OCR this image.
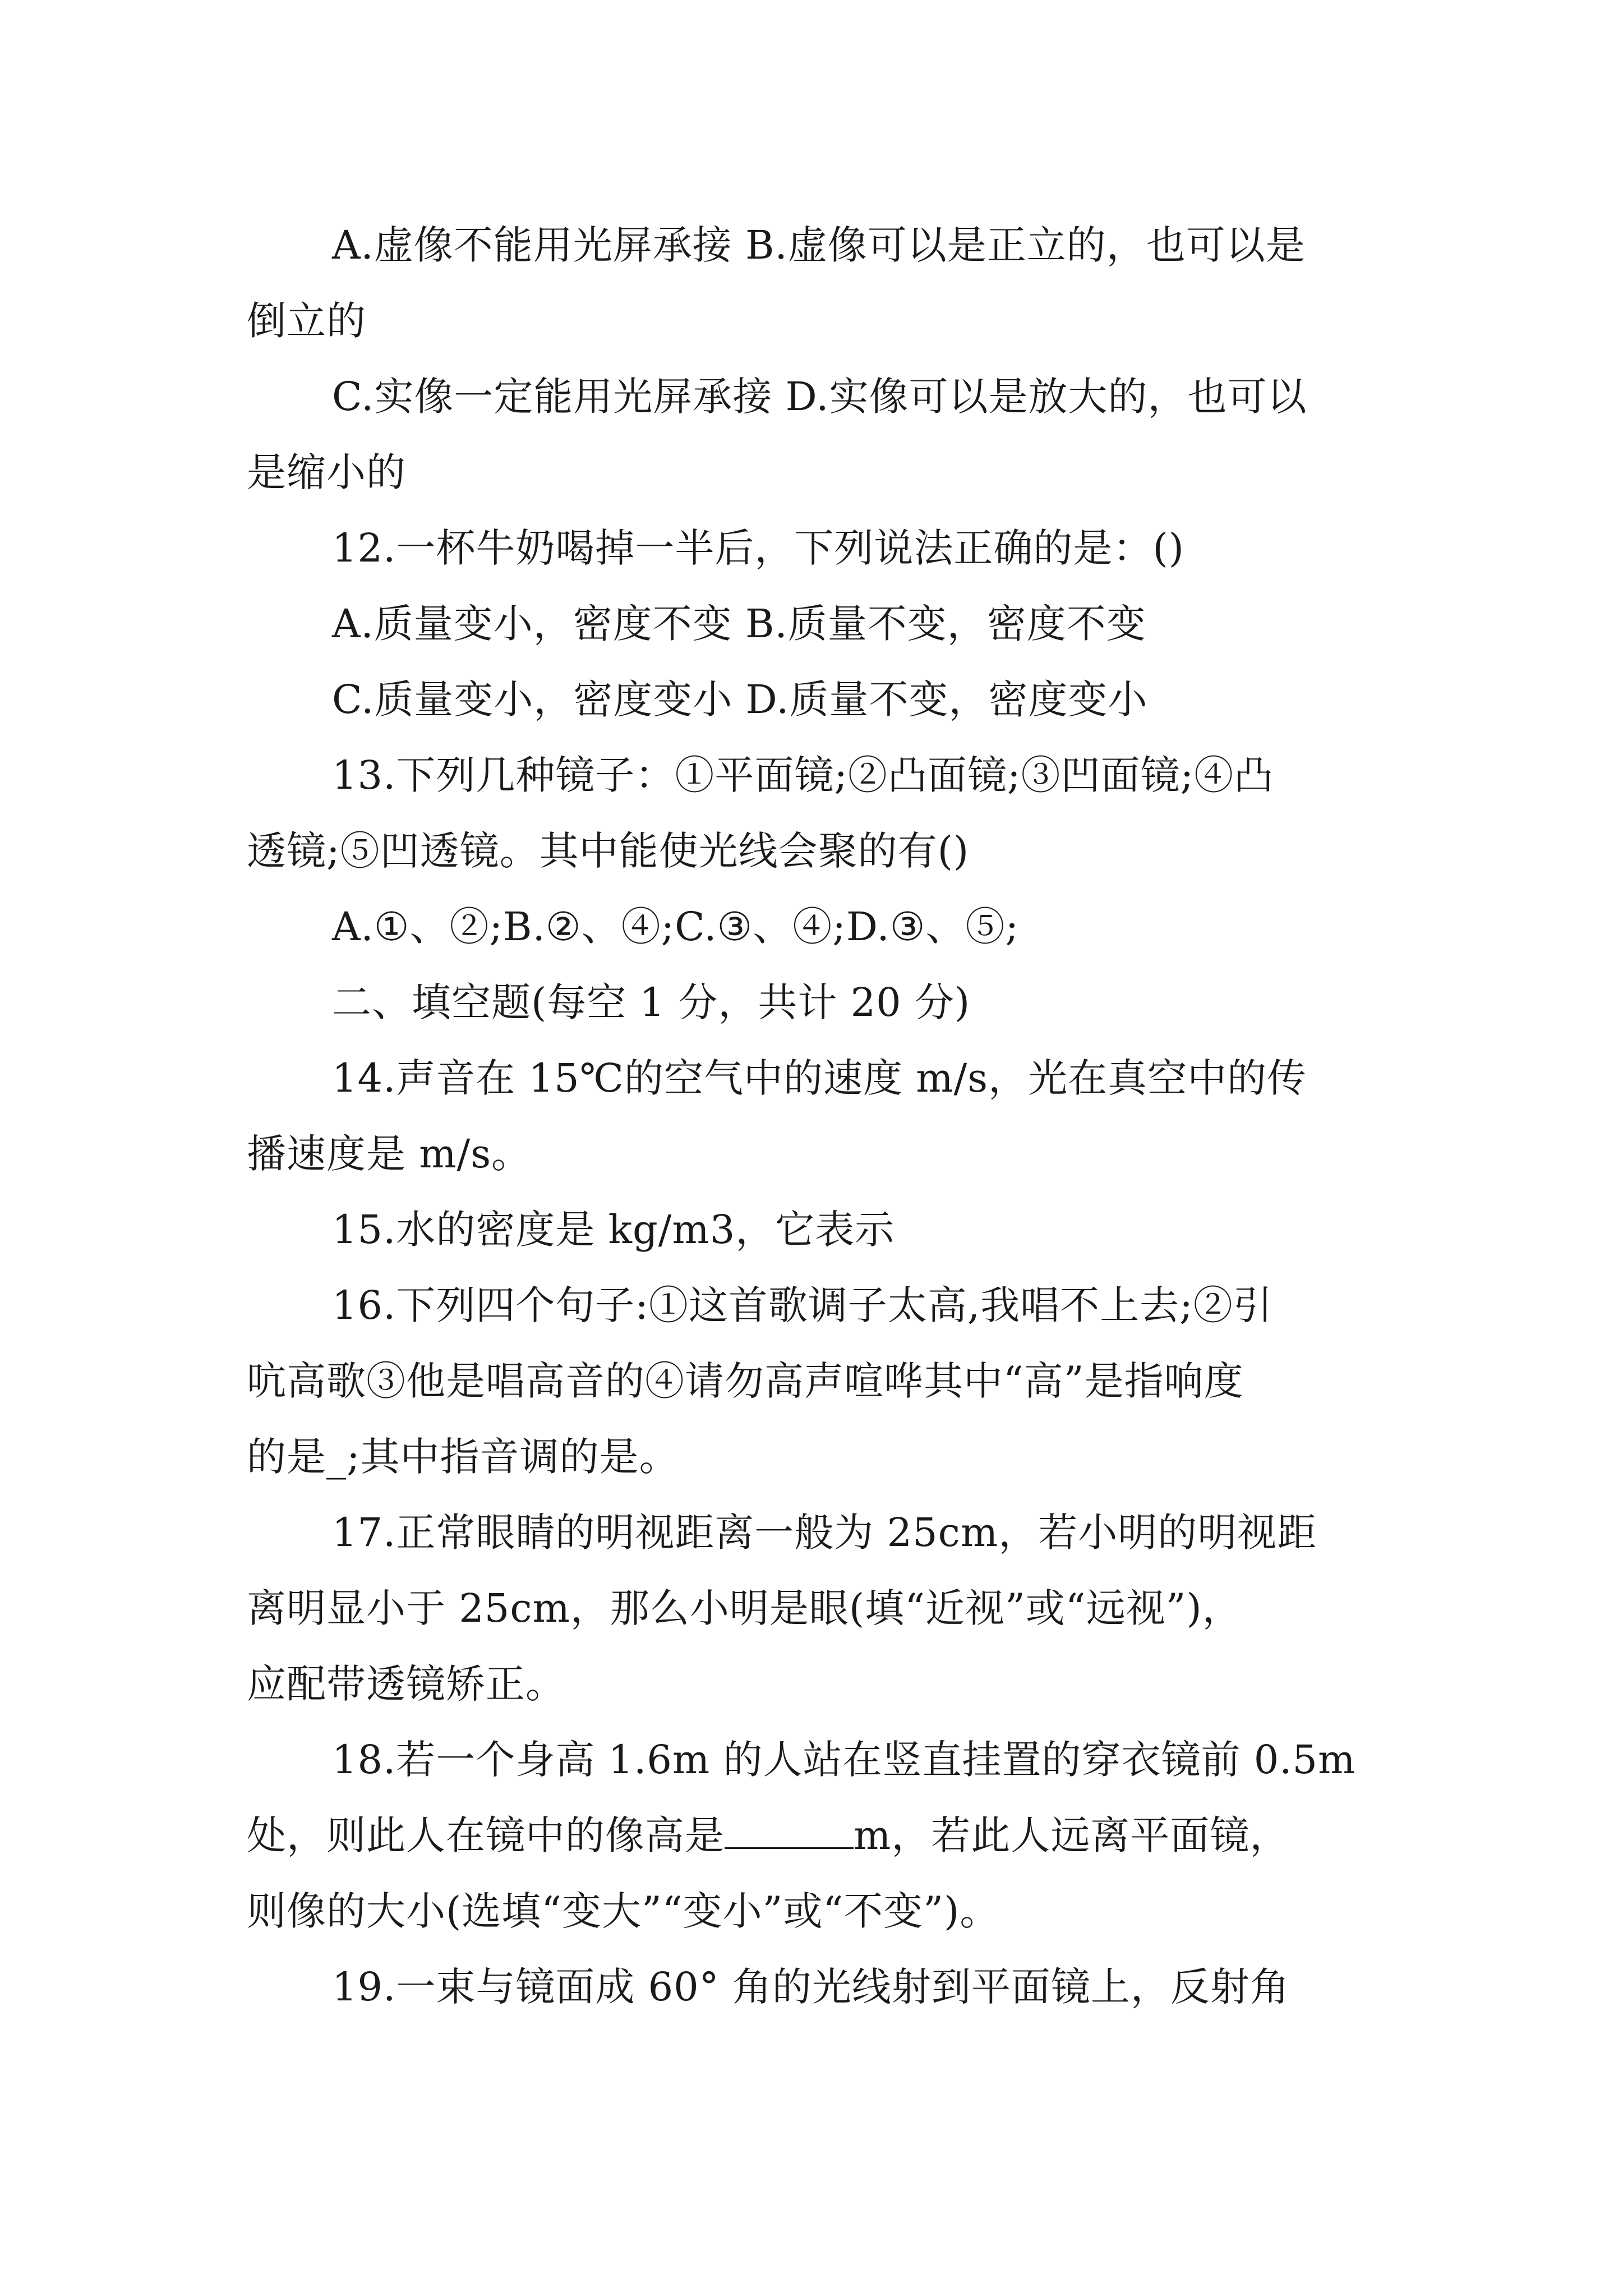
A.虚像不能用光屏承接 B.虚像可以是正立的，也可以是
倒立的
C.实像一定能用光屏承接 D.实像可以是放大的，也可以
是缩小的
12.一杯牛奶喝掉一半后，下列说法正确的是：()
A.质量变小，密度不变 B.质量不变，密度不变
C.质量变小，密度变小 D.质量不变，密度变小
13.下列几种镜子：①平面镜;②凸面镜;③凹面镜;④凸
透镜;⑤凹透镜。其中能使光线会聚的有()
A.①、②;B.②、④;C.③、④;D.③、⑤;
二、填空题(每空 1 分，共计 20 分)
14.声音在 15℃的空气中的速度 m/s，光在真空中的传
播速度是 m/s。
15.水的密度是 kg/m3，它表示
16.下列四个句子:①这首歌调子太高,我唱不上去;②引
吭高歌③他是唱高音的④请勿高声喧哗其中“高”是指响度
的是_;其中指音调的是。
17.正常眼睛的明视距离一般为 25cm，若小明的明视距
离明显小于 25cm，那么小明是眼(填“近视”或“远视”)，
应配带透镜矫正。
18.若一个身高 1.6m 的人站在竖直挂置的穿衣镜前 0.5m
处，则此人在镜中的像高是	m，若此人远离平面镜，
则像的大小(选填“变大”“变小”或“不变”)。
19.一束与镜面成 60° 角的光线射到平面镜上，反射角
